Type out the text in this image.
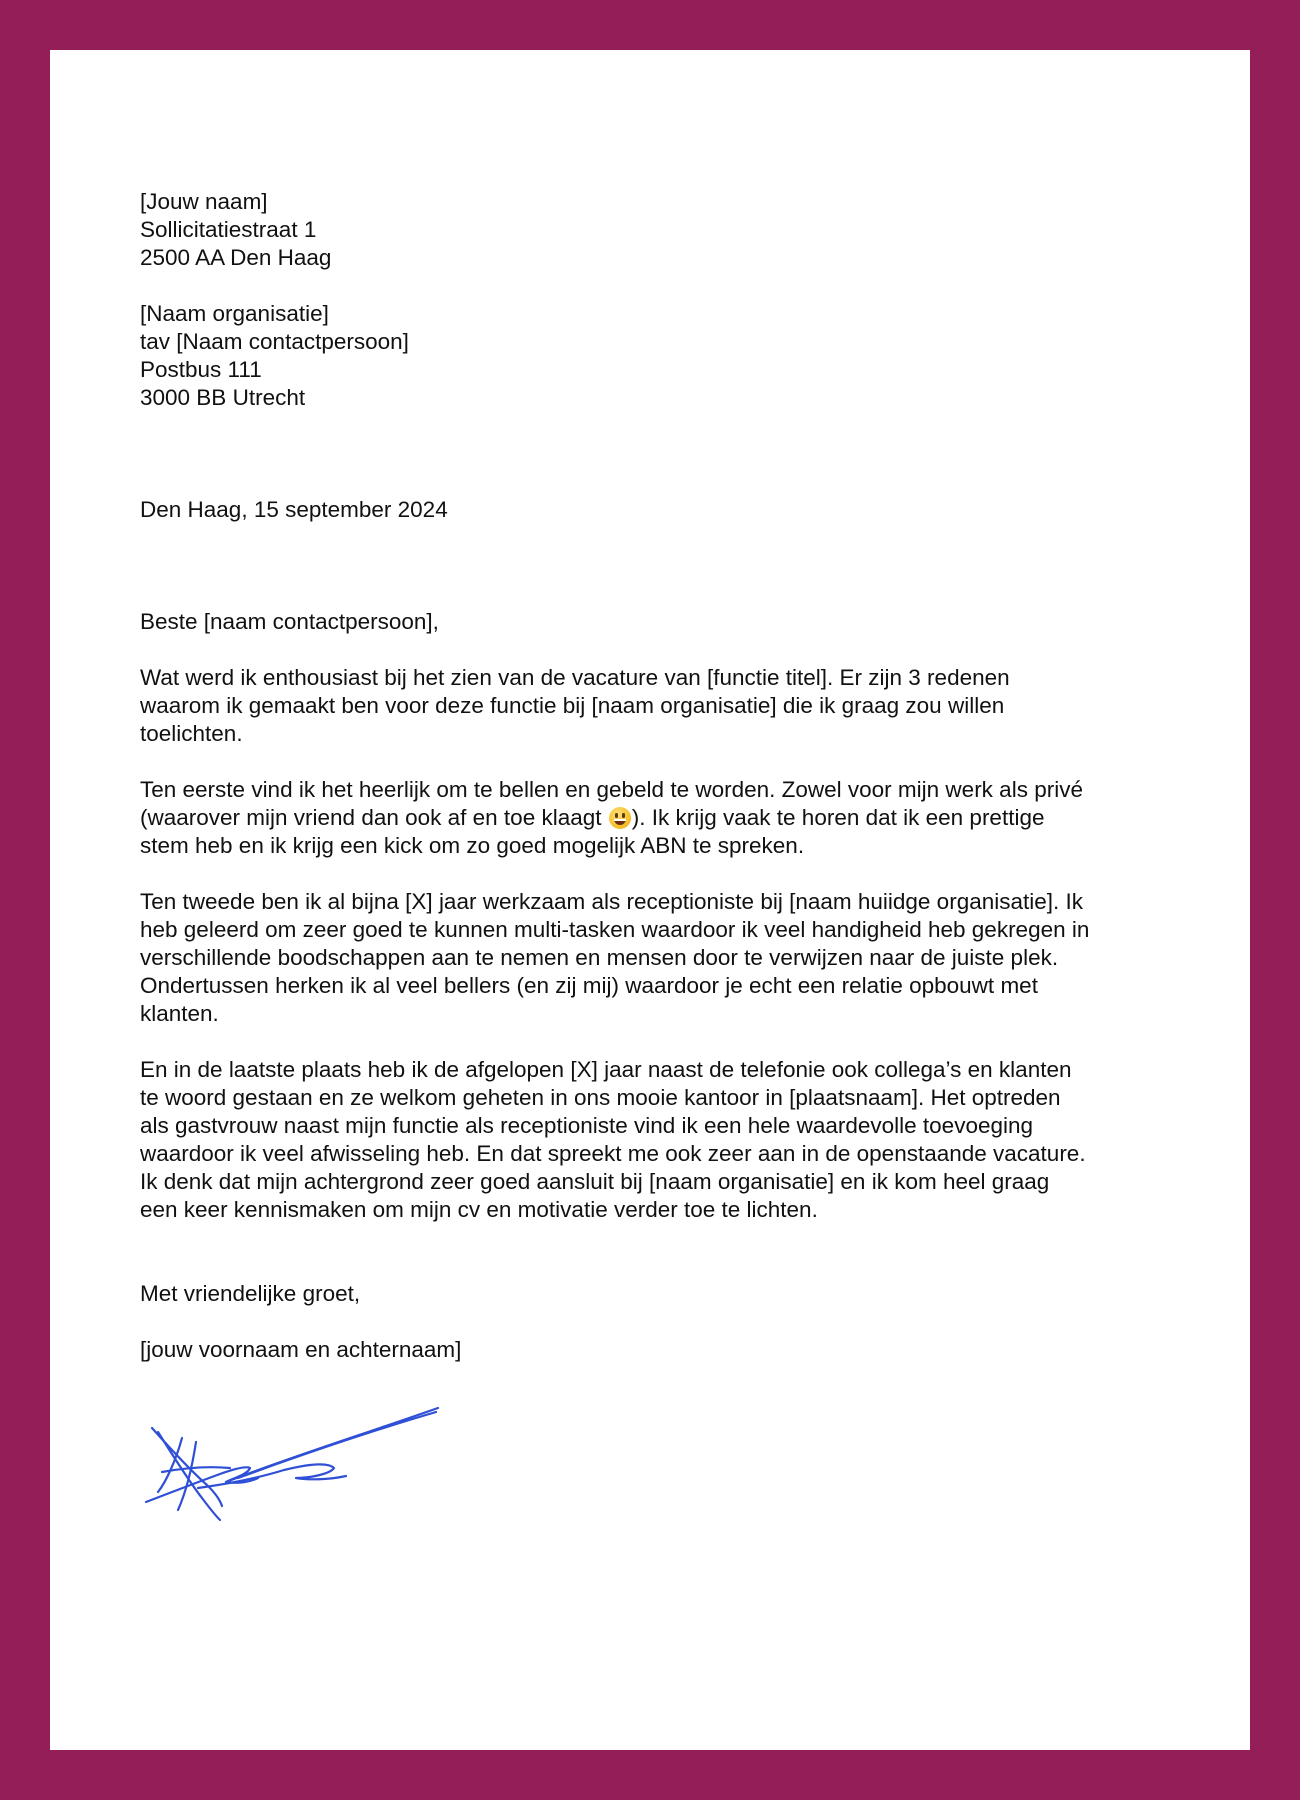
[Jouw naam]

Sollicitatiestraat 1

2500 AA Den Haag

[Naam organisatie]

tav [Naam contactpersoon]

Postbus 111

3000 BB Utrecht

Den Haag, 15 september 2024

Beste [naam contactpersoon],

Wat werd ik enthousiast bij het zien van de vacature van [functie titel]. Er zijn 3 redenen

waarom ik gemaakt ben voor deze functie bij [naam organisatie] die ik graag zou willen

toelichten.

Ten eerste vind ik het heerlijk om te bellen en gebeld te worden. Zowel voor mijn werk als privé

(waarover mijn vriend dan ook af en toe klaagt ). Ik krijg vaak te horen dat ik een prettige

stem heb en ik krijg een kick om zo goed mogelijk ABN te spreken.

Ten tweede ben ik al bijna [X] jaar werkzaam als receptioniste bij [naam huiidge organisatie]. Ik

heb geleerd om zeer goed te kunnen multi-tasken waardoor ik veel handigheid heb gekregen in

verschillende boodschappen aan te nemen en mensen door te verwijzen naar de juiste plek.

Ondertussen herken ik al veel bellers (en zij mij) waardoor je echt een relatie opbouwt met

klanten.

En in de laatste plaats heb ik de afgelopen [X] jaar naast de telefonie ook collega’s en klanten

te woord gestaan en ze welkom geheten in ons mooie kantoor in [plaatsnaam]. Het optreden

als gastvrouw naast mijn functie als receptioniste vind ik een hele waardevolle toevoeging

waardoor ik veel afwisseling heb. En dat spreekt me ook zeer aan in de openstaande vacature.

Ik denk dat mijn achtergrond zeer goed aansluit bij [naam organisatie] en ik kom heel graag

een keer kennismaken om mijn cv en motivatie verder toe te lichten.

Met vriendelijke groet,

[jouw voornaam en achternaam]
